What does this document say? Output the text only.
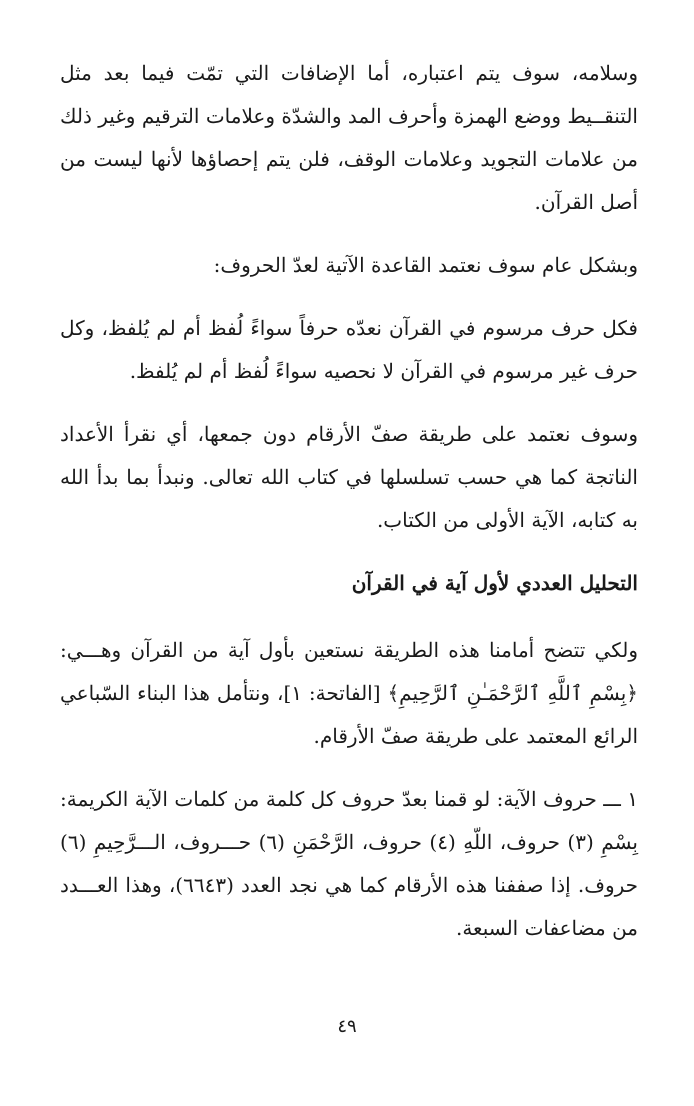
وسلامه، سوف يتم اعتباره، أما الإضافات التي تمّت فيما بعد مثل التنقــيط ووضع الهمزة وأحرف المد والشدّة وعلامات الترقيم وغير ذلك من علامات التجويد وعلامات الوقف، فلن يتم إحصاؤها لأنها ليست من أصل القرآن.

وبشكل عام سوف نعتمد القاعدة الآتية لعدّ الحروف:

فكل حرف مرسوم في القرآن نعدّه حرفاً سواءً لُفظ أم لم يُلفظ، وكل حرف غير مرسوم في القرآن لا نحصيه سواءً لُفظ أم لم يُلفظ.

وسوف نعتمد على طريقة صفّ الأرقام دون جمعها، أي نقرأ الأعداد الناتجة كما هي حسب تسلسلها في كتاب الله تعالى. ونبدأ بما بدأ الله به كتابه، الآية الأولى من الكتاب.

التحليل العددي لأول آية في القرآن

ولكي تتضح أمامنا هذه الطريقة نستعين بأول آية من القرآن وهـــي: ﴿بِسْمِ ٱللَّهِ ٱلرَّحْمَـٰنِ ٱلرَّحِيمِ﴾ [الفاتحة: ١]، ونتأمل هذا البناء السّباعي الرائع المعتمد على طريقة صفّ الأرقام.

١ ـــ حروف الآية: لو قمنا بعدّ حروف كل كلمة من كلمات الآية الكريمة: بِسْمِ (٣) حروف، اللّهِ (٤) حروف، الرَّحْمَنِ (٦) حـــروف، الـــرَّحِيمِ (٦) حروف. إذا صففنا هذه الأرقام كما هي نجد العدد (٦٦٤٣)، وهذا العـــدد من مضاعفات السبعة.

٤٩
